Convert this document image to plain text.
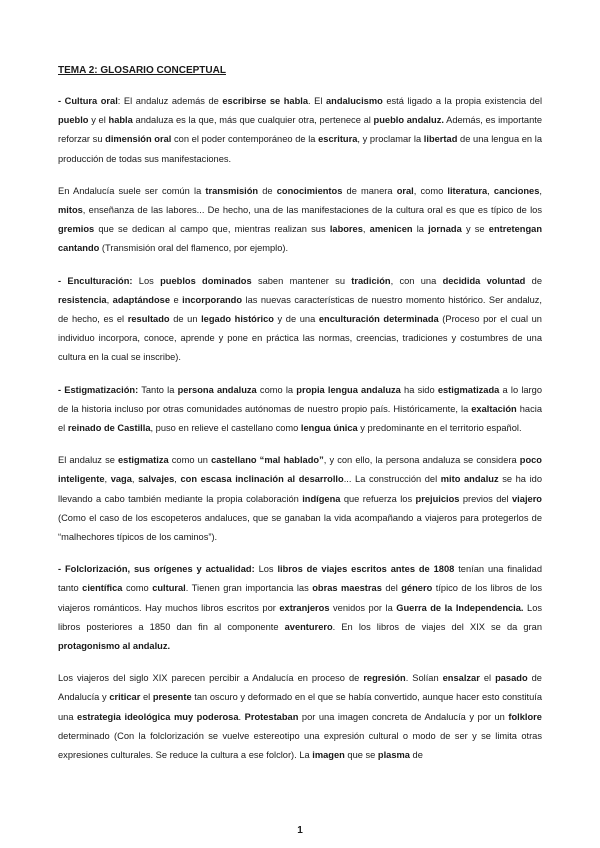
TEMA 2: GLOSARIO CONCEPTUAL

- Cultura oral: El andaluz además de escribirse se habla. El andalucismo está ligado a la propia existencia del pueblo y el habla andaluza es la que, más que cualquier otra, pertenece al pueblo andaluz. Además, es importante reforzar su dimensión oral con el poder contemporáneo de la escritura, y proclamar la libertad de una lengua en la producción de todas sus manifestaciones.

En Andalucía suele ser común la transmisión de conocimientos de manera oral, como literatura, canciones, mitos, enseñanza de las labores... De hecho, una de las manifestaciones de la cultura oral es que es típico de los gremios que se dedican al campo que, mientras realizan sus labores, amenicen la jornada y se entretengan cantando (Transmisión oral del flamenco, por ejemplo).

- Enculturación: Los pueblos dominados saben mantener su tradición, con una decidida voluntad de resistencia, adaptándose e incorporando las nuevas características de nuestro momento histórico. Ser andaluz, de hecho, es el resultado de un legado histórico y de una enculturación determinada (Proceso por el cual un individuo incorpora, conoce, aprende y pone en práctica las normas, creencias, tradiciones y costumbres de una cultura en la cual se inscribe).

- Estigmatización: Tanto la persona andaluza como la propia lengua andaluza ha sido estigmatizada a lo largo de la historia incluso por otras comunidades autónomas de nuestro propio país. Históricamente, la exaltación hacia el reinado de Castilla, puso en relieve el castellano como lengua única y predominante en el territorio español.

El andaluz se estigmatiza como un castellano “mal hablado”, y con ello, la persona andaluza se considera poco inteligente, vaga, salvajes, con escasa inclinación al desarrollo... La construcción del mito andaluz se ha ido llevando a cabo también mediante la propia colaboración indígena que refuerza los prejuicios previos del viajero (Como el caso de los escopeteros andaluces, que se ganaban la vida acompañando a viajeros para protegerlos de “malhechores típicos de los caminos”).

- Folclorización, sus orígenes y actualidad: Los libros de viajes escritos antes de 1808 tenían una finalidad tanto científica como cultural. Tienen gran importancia las obras maestras del género típico de los libros de los viajeros románticos. Hay muchos libros escritos por extranjeros venidos por la Guerra de la Independencia. Los libros posteriores a 1850 dan fin al componente aventurero. En los libros de viajes del XIX se da gran protagonismo al andaluz.

Los viajeros del siglo XIX parecen percibir a Andalucía en proceso de regresión. Solían ensalzar el pasado de Andalucía y criticar el presente tan oscuro y deformado en el que se había convertido, aunque hacer esto constituía una estrategia ideológica muy poderosa. Protestaban por una imagen concreta de Andalucía y por un folklore determinado (Con la folclorización se vuelve estereotipo una expresión cultural o modo de ser y se limita otras expresiones culturales. Se reduce la cultura a ese folclor). La imagen que se plasma de

1
